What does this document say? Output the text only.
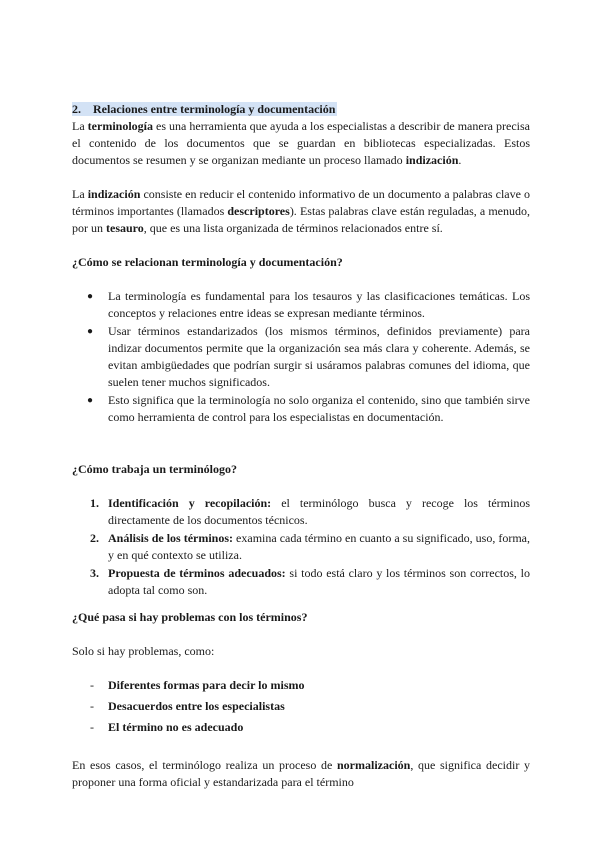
2. Relaciones entre terminología y documentación

La terminología es una herramienta que ayuda a los especialistas a describir de manera precisa el contenido de los documentos que se guardan en bibliotecas especializadas. Estos documentos se resumen y se organizan mediante un proceso llamado indización.

La indización consiste en reducir el contenido informativo de un documento a palabras clave o términos importantes (llamados descriptores). Estas palabras clave están reguladas, a menudo, por un tesauro, que es una lista organizada de términos relacionados entre sí.

¿Cómo se relacionan terminología y documentación?

● La terminología es fundamental para los tesauros y las clasificaciones temáticas. Los conceptos y relaciones entre ideas se expresan mediante términos.
● Usar términos estandarizados (los mismos términos, definidos previamente) para indizar documentos permite que la organización sea más clara y coherente. Además, se evitan ambigüedades que podrían surgir si usáramos palabras comunes del idioma, que suelen tener muchos significados.
● Esto significa que la terminología no solo organiza el contenido, sino que también sirve como herramienta de control para los especialistas en documentación.

¿Cómo trabaja un terminólogo?

1. Identificación y recopilación: el terminólogo busca y recoge los términos directamente de los documentos técnicos.
2. Análisis de los términos: examina cada término en cuanto a su significado, uso, forma, y en qué contexto se utiliza.
3. Propuesta de términos adecuados: si todo está claro y los términos son correctos, lo adopta tal como son.

¿Qué pasa si hay problemas con los términos?

Solo si hay problemas, como:

- Diferentes formas para decir lo mismo
- Desacuerdos entre los especialistas
- El término no es adecuado

En esos casos, el terminólogo realiza un proceso de normalización, que significa decidir y proponer una forma oficial y estandarizada para el término
